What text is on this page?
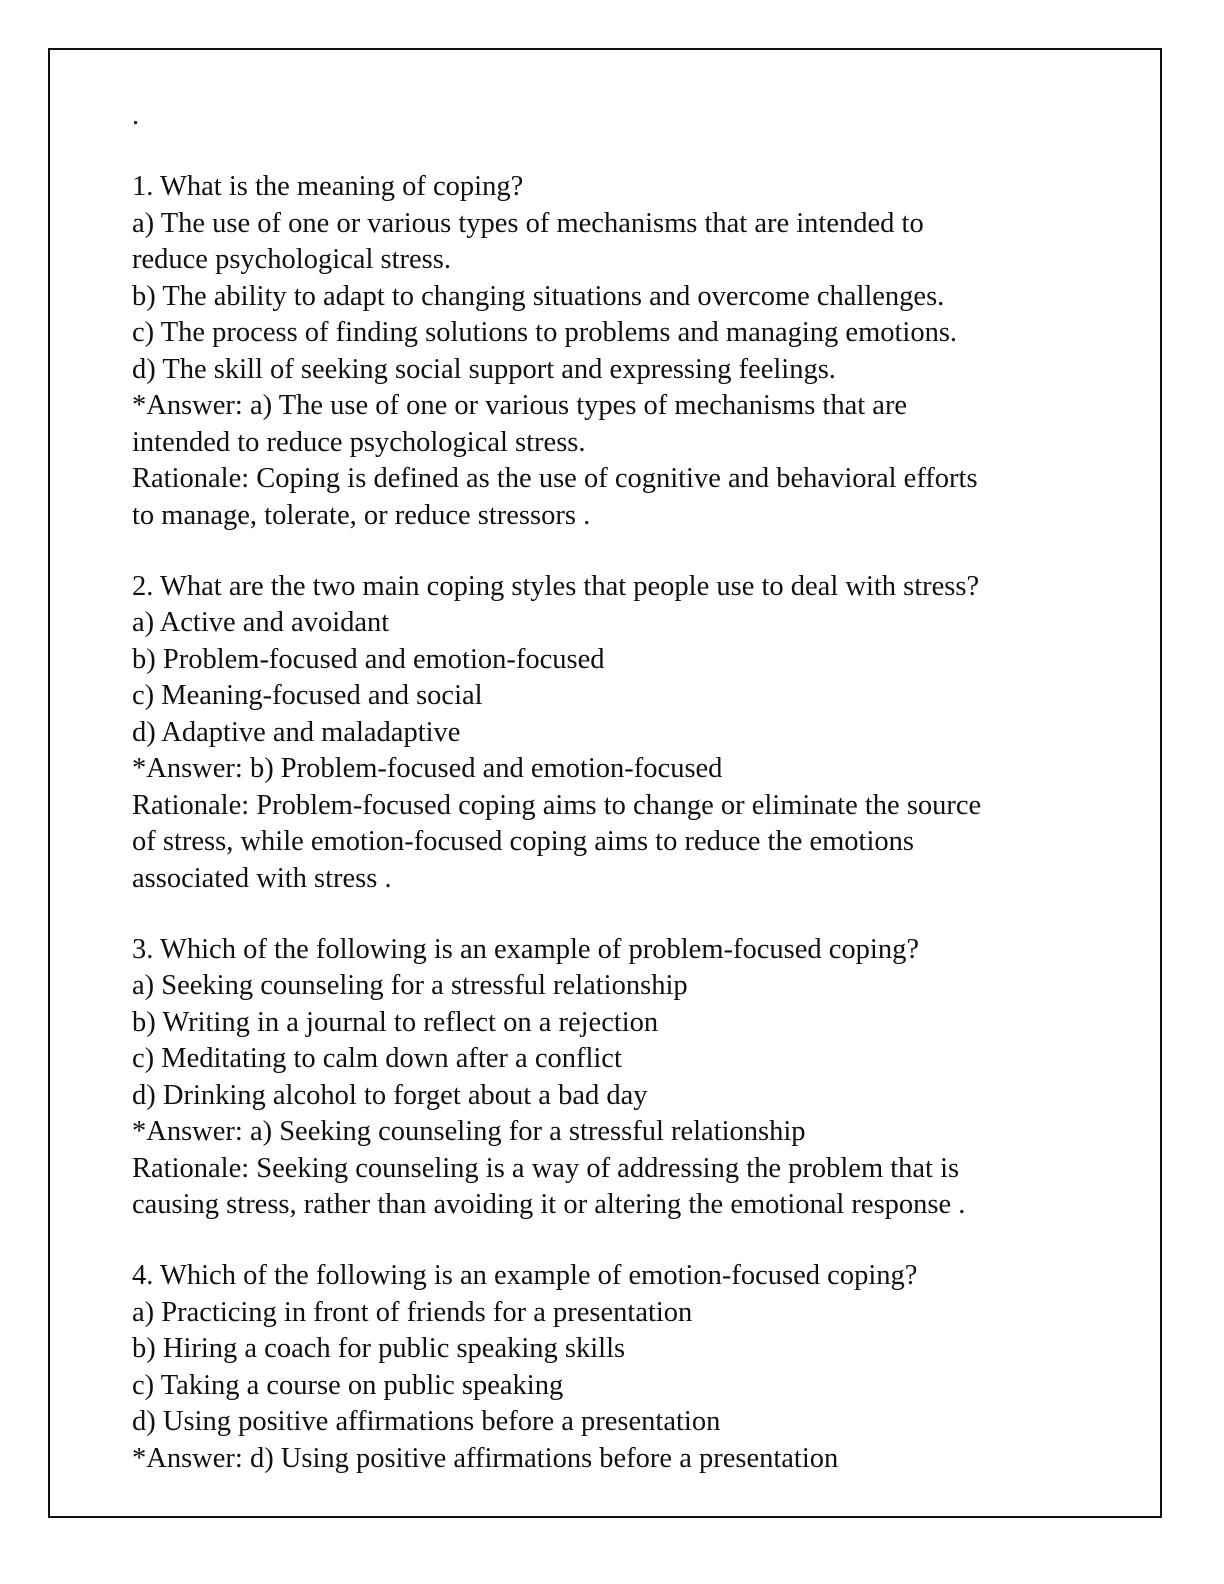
.
1. What is the meaning of coping?
a) The use of one or various types of mechanisms that are intended to
reduce psychological stress.
b) The ability to adapt to changing situations and overcome challenges.
c) The process of finding solutions to problems and managing emotions.
d) The skill of seeking social support and expressing feelings.
*Answer: a) The use of one or various types of mechanisms that are
intended to reduce psychological stress.
Rationale: Coping is defined as the use of cognitive and behavioral efforts
to manage, tolerate, or reduce stressors .
2. What are the two main coping styles that people use to deal with stress?
a) Active and avoidant
b) Problem-focused and emotion-focused
c) Meaning-focused and social
d) Adaptive and maladaptive
*Answer: b) Problem-focused and emotion-focused
Rationale: Problem-focused coping aims to change or eliminate the source
of stress, while emotion-focused coping aims to reduce the emotions
associated with stress .
3. Which of the following is an example of problem-focused coping?
a) Seeking counseling for a stressful relationship
b) Writing in a journal to reflect on a rejection
c) Meditating to calm down after a conflict
d) Drinking alcohol to forget about a bad day
*Answer: a) Seeking counseling for a stressful relationship
Rationale: Seeking counseling is a way of addressing the problem that is
causing stress, rather than avoiding it or altering the emotional response .
4. Which of the following is an example of emotion-focused coping?
a) Practicing in front of friends for a presentation
b) Hiring a coach for public speaking skills
c) Taking a course on public speaking
d) Using positive affirmations before a presentation
*Answer: d) Using positive affirmations before a presentation
